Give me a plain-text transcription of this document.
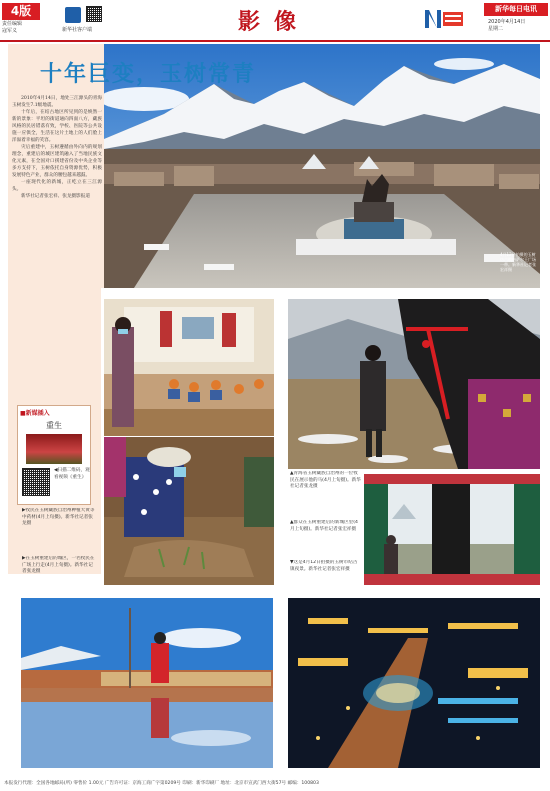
4版
责任编辑
寇军义	新华社客户端	影像	新华每日电讯
2020年4月14日
星期二
十年巨变，玉树常青
4月12日拍摄的玉树结古镇格萨尔王广场一带。新华社记者张宏祥摄

2010年4月14日，地处三江源头的青海玉树发生7.1级地震。

十年后，在结古地区所见到的是焕然一新的景象：平坦的街道通向四面八方，藏族风格的民居错落有致，学校、医院等公共设施一应俱全，生活在这片土地上的人们脸上洋溢着幸福的笑容。

灾后重建中，玉树遵循由外向内的规划理念，重建后的城区建筑融入了当地民族文化元素，在全国对口援建省份及中央企业等多方支持下，玉树依托自身资源优势，积极发展特色产业，群众的腰包越来越鼓。

一座现代化的新城，正屹立在三江源头。

新华社记者张宏祥、张龙摄影报道

■新媒插入
重生
◀扫描二维码，观看视频《重生》
▶牧民在玉树藏族自治州种植大黄等中药材(4月上旬摄)。新华社记者张龙摄
▶在玉树重建后的城区，一名牧民在广场上行走(4月上旬摄)。新华社记者张龙摄
▲青海省玉树藏族自治州的一位牧民在展示他的马(4月上旬摄)。新华社记者张龙摄
▲群众在玉树重建后的新城区里(4月上旬摄)。新华社记者张宏祥摄
▼这是4月12日拍摄的玉树市结古镇夜景。新华社记者张宏祥摄
本报发行代理：全国各地邮局(所) 零售价 1.00元 广告许可证：京海工商广字第0209号 印刷：新华印刷厂 地址：北京市宣武门西大街57号 邮编：100803
